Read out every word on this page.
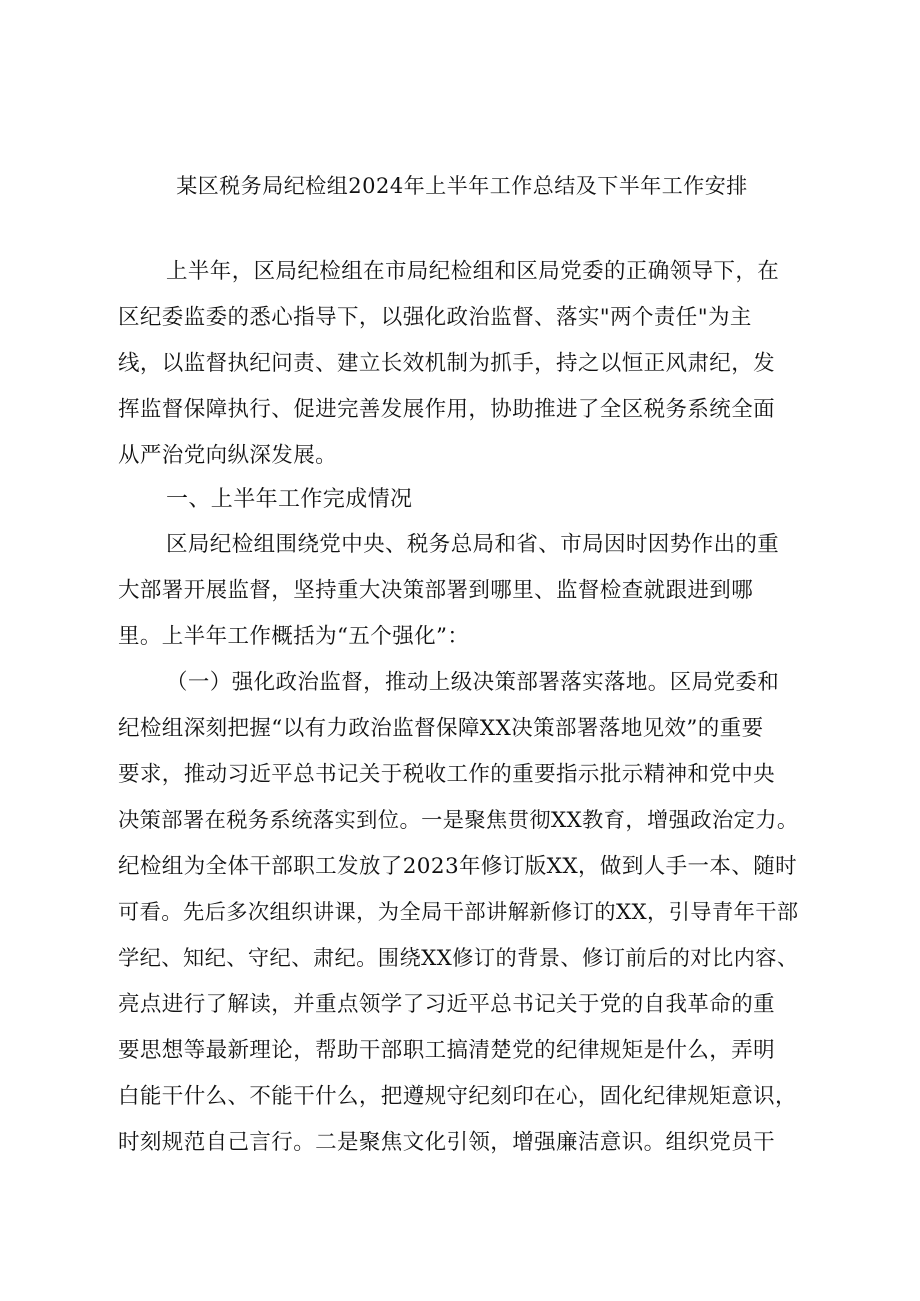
某区税务局纪检组2024年上半年工作总结及下半年工作安排

上半年，区局纪检组在市局纪检组和区局党委的正确领导下，在

区纪委监委的悉心指导下，以强化政治监督、落实"两个责任"为主

线，以监督执纪问责、建立长效机制为抓手，持之以恒正风肃纪，发

挥监督保障执行、促进完善发展作用，协助推进了全区税务系统全面

从严治党向纵深发展。

一、上半年工作完成情况

区局纪检组围绕党中央、税务总局和省、市局因时因势作出的重

大部署开展监督，坚持重大决策部署到哪里、监督检查就跟进到哪

里。上半年工作概括为“五个强化”：

（一）强化政治监督，推动上级决策部署落实落地。区局党委和

纪检组深刻把握“以有力政治监督保障XX决策部署落地见效”的重要

要求，推动习近平总书记关于税收工作的重要指示批示精神和党中央

决策部署在税务系统落实到位。一是聚焦贯彻XX教育，增强政治定力。

纪检组为全体干部职工发放了2023年修订版XX，做到人手一本、随时

可看。先后多次组织讲课，为全局干部讲解新修订的XX，引导青年干部

学纪、知纪、守纪、肃纪。围绕XX修订的背景、修订前后的对比内容、

亮点进行了解读，并重点领学了习近平总书记关于党的自我革命的重

要思想等最新理论，帮助干部职工搞清楚党的纪律规矩是什么，弄明

白能干什么、不能干什么，把遵规守纪刻印在心，固化纪律规矩意识，

时刻规范自己言行。二是聚焦文化引领，增强廉洁意识。组织党员干
